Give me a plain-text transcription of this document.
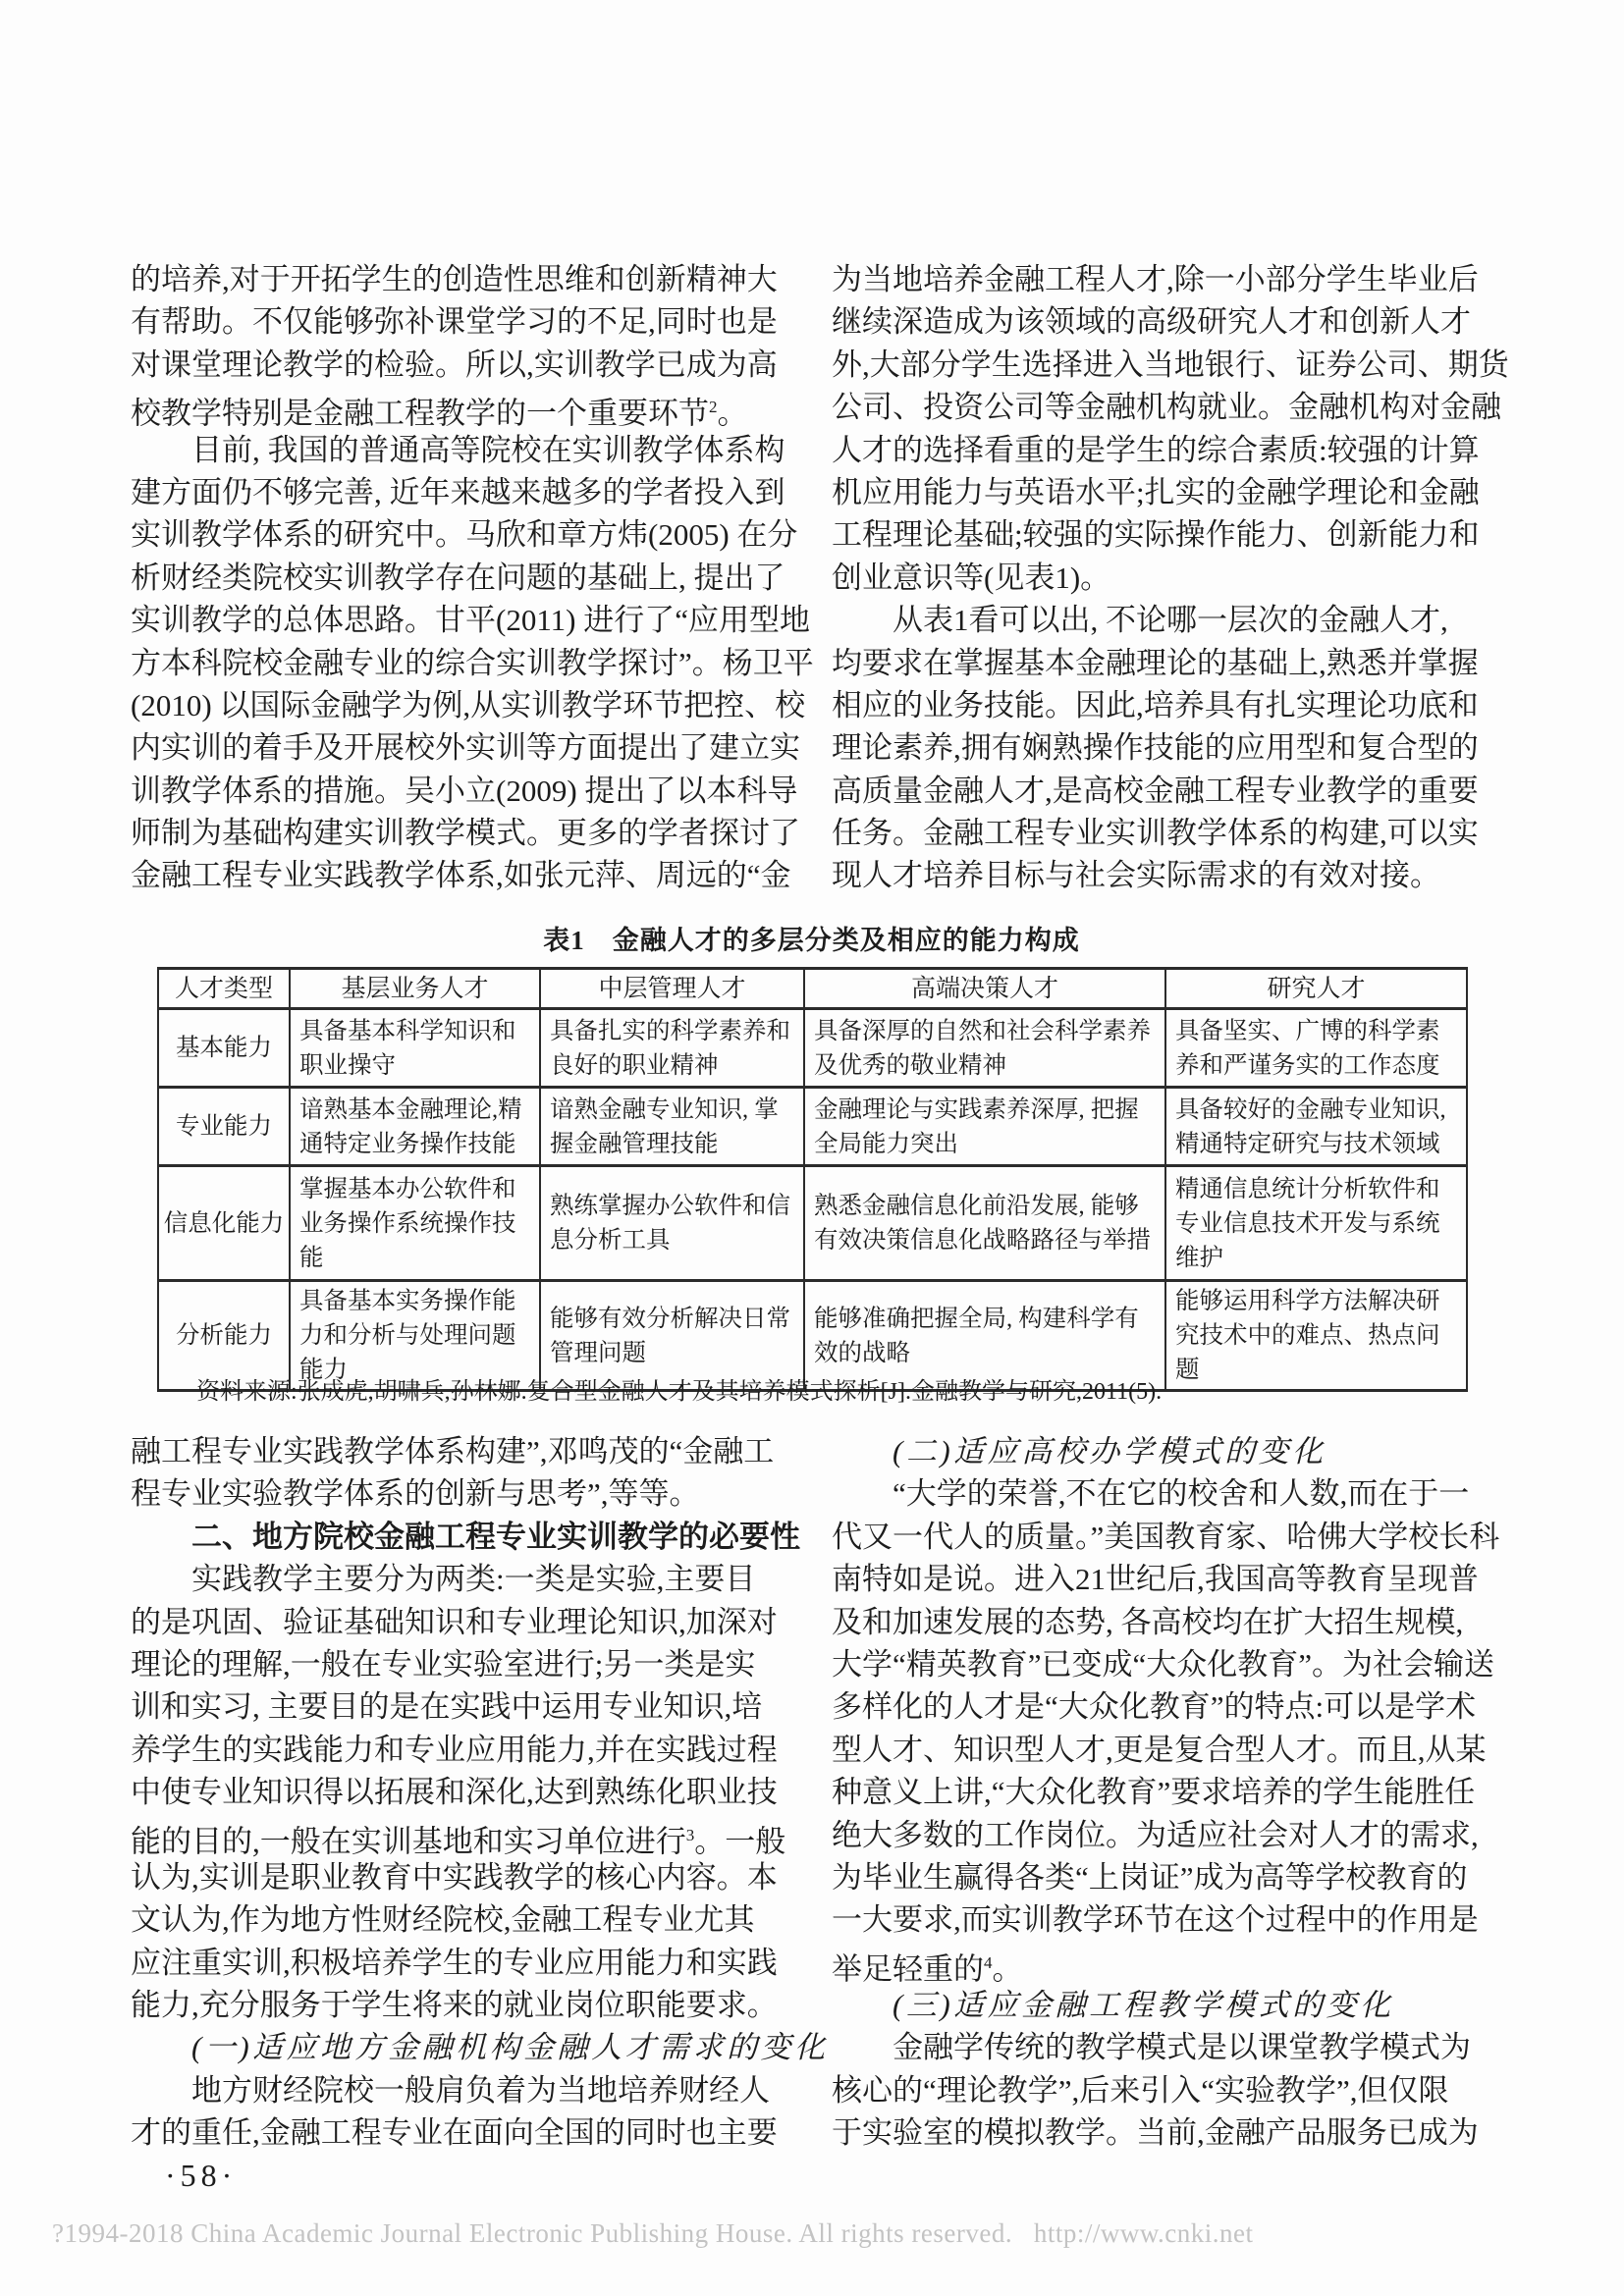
的培养,对于开拓学生的创造性思维和创新精神大
有帮助。不仅能够弥补课堂学习的不足,同时也是
对课堂理论教学的检验。所以,实训教学已成为高
校教学特别是金融工程教学的一个重要环节$^2$。
目前, 我国的普通高等院校在实训教学体系构
建方面仍不够完善, 近年来越来越多的学者投入到
实训教学体系的研究中。马欣和章方炜(2005) 在分
析财经类院校实训教学存在问题的基础上, 提出了
实训教学的总体思路。甘平(2011) 进行了“应用型地
方本科院校金融专业的综合实训教学探讨”。杨卫平
(2010) 以国际金融学为例,从实训教学环节把控、校
内实训的着手及开展校外实训等方面提出了建立实
训教学体系的措施。吴小立(2009) 提出了以本科导
师制为基础构建实训教学模式。更多的学者探讨了
金融工程专业实践教学体系,如张元萍、周远的“金
为当地培养金融工程人才,除一小部分学生毕业后
继续深造成为该领域的高级研究人才和创新人才
外,大部分学生选择进入当地银行、证券公司、期货
公司、投资公司等金融机构就业。金融机构对金融
人才的选择看重的是学生的综合素质:较强的计算
机应用能力与英语水平;扎实的金融学理论和金融
工程理论基础;较强的实际操作能力、创新能力和
创业意识等(见表1)。
从表1看可以出, 不论哪一层次的金融人才,
均要求在掌握基本金融理论的基础上,熟悉并掌握
相应的业务技能。因此,培养具有扎实理论功底和
理论素养,拥有娴熟操作技能的应用型和复合型的
高质量金融人才,是高校金融工程专业教学的重要
任务。金融工程专业实训教学体系的构建,可以实
现人才培养目标与社会实际需求的有效对接。
表1　金融人才的多层分类及相应的能力构成
人才类型	基层业务人才	中层管理人才	高端决策人才	研究人才
基本能力	具备基本科学知识和职业操守	具备扎实的科学素养和良好的职业精神	具备深厚的自然和社会科学素养及优秀的敬业精神	具备坚实、广博的科学素养和严谨务实的工作态度
专业能力	谙熟基本金融理论,精通特定业务操作技能	谙熟金融专业知识, 掌握金融管理技能	金融理论与实践素养深厚, 把握全局能力突出	具备较好的金融专业知识,精通特定研究与技术领域
信息化能力	掌握基本办公软件和业务操作系统操作技能	熟练掌握办公软件和信息分析工具	熟悉金融信息化前沿发展, 能够有效决策信息化战略路径与举措	精通信息统计分析软件和专业信息技术开发与系统维护
分析能力	具备基本实务操作能力和分析与处理问题能力	能够有效分析解决日常管理问题	能够准确把握全局, 构建科学有效的战略	能够运用科学方法解决研究技术中的难点、热点问题
资料来源:张成虎,胡啸兵,孙林娜.复合型金融人才及其培养模式探析[J].金融教学与研究,2011(5).
融工程专业实践教学体系构建”,邓鸣茂的“金融工
程专业实验教学体系的创新与思考”,等等。
二、地方院校金融工程专业实训教学的必要性
实践教学主要分为两类:一类是实验,主要目
的是巩固、验证基础知识和专业理论知识,加深对
理论的理解,一般在专业实验室进行;另一类是实
训和实习, 主要目的是在实践中运用专业知识,培
养学生的实践能力和专业应用能力,并在实践过程
中使专业知识得以拓展和深化,达到熟练化职业技
能的目的,一般在实训基地和实习单位进行$^3$。一般
认为,实训是职业教育中实践教学的核心内容。本
文认为,作为地方性财经院校,金融工程专业尤其
应注重实训,积极培养学生的专业应用能力和实践
能力,充分服务于学生将来的就业岗位职能要求。
(一)适应地方金融机构金融人才需求的变化
地方财经院校一般肩负着为当地培养财经人
才的重任,金融工程专业在面向全国的同时也主要
(二)适应高校办学模式的变化
“大学的荣誉,不在它的校舍和人数,而在于一
代又一代人的质量。”美国教育家、哈佛大学校长科
南特如是说。进入21世纪后,我国高等教育呈现普
及和加速发展的态势, 各高校均在扩大招生规模,
大学“精英教育”已变成“大众化教育”。为社会输送
多样化的人才是“大众化教育”的特点:可以是学术
型人才、知识型人才,更是复合型人才。而且,从某
种意义上讲,“大众化教育”要求培养的学生能胜任
绝大多数的工作岗位。为适应社会对人才的需求,
为毕业生赢得各类“上岗证”成为高等学校教育的
一大要求,而实训教学环节在这个过程中的作用是
举足轻重的$^4$。
(三)适应金融工程教学模式的变化
金融学传统的教学模式是以课堂教学模式为
核心的“理论教学”,后来引入“实验教学”,但仅限
于实验室的模拟教学。当前,金融产品服务已成为
·58·
?1994-2018 China Academic Journal Electronic Publishing House. All rights reserved.   http://www.cnki.net
